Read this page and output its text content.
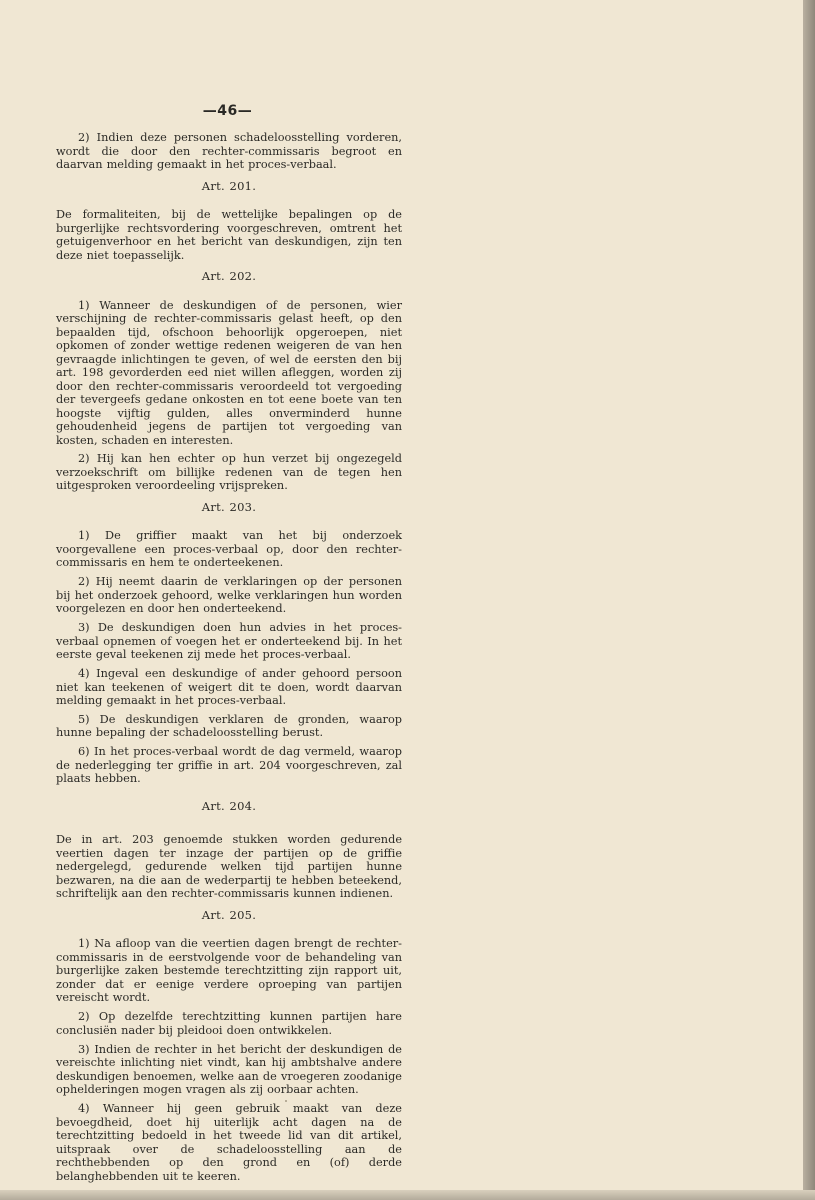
—46—

2) Indien deze personen schadeloosstelling vorderen, wordt die door den rechter-commissaris begroot en daarvan melding gemaakt in het proces-verbaal.

Art. 201.

De formaliteiten, bij de wettelijke bepalingen op de burgerlijke rechtsvordering voorgeschreven, omtrent het getuigenverhoor en het bericht van deskundigen, zijn ten deze niet toepasselijk.

Art. 202.

1) Wanneer de deskundigen of de personen, wier verschijning de rechter-commissaris gelast heeft, op den bepaalden tijd, ofschoon behoorlijk opgeroepen, niet opkomen of zonder wettige redenen weigeren de van hen gevraagde inlichtingen te geven, of wel de eersten den bij art. 198 gevorderden eed niet willen afleggen, worden zij door den rechter-commissaris veroordeeld tot vergoeding der tevergeefs gedane onkosten en tot eene boete van ten hoogste vijftig gulden, alles onverminderd hunne gehoudenheid jegens de partijen tot vergoeding van kosten, schaden en interesten.

2) Hij kan hen echter op hun verzet bij ongezegeld verzoekschrift om billijke redenen van de tegen hen uitgesproken veroordeeling vrijspreken.

Art. 203.

1) De griffier maakt van het bij onderzoek voorgevallene een proces-verbaal op, door den rechter-commissaris en hem te onderteekenen.

2) Hij neemt daarin de verklaringen op der personen bij het onderzoek gehoord, welke verklaringen hun worden voorgelezen en door hen onderteekend.

3) De deskundigen doen hun advies in het proces-verbaal opnemen of voegen het er onderteekend bij. In het eerste geval teekenen zij mede het proces-verbaal.

4) Ingeval een deskundige of ander gehoord persoon niet kan teekenen of weigert dit te doen, wordt daarvan melding gemaakt in het proces-verbaal.

5) De deskundigen verklaren de gronden, waarop hunne bepaling der schadeloosstelling berust.

6) In het proces-verbaal wordt de dag vermeld, waarop de nederlegging ter griffie in art. 204 voorgeschreven, zal plaats hebben.

Art. 204.

De in art. 203 genoemde stukken worden gedurende veertien dagen ter inzage der partijen op de griffie nedergelegd, gedurende welken tijd partijen hunne bezwaren, na die aan de wederpartij te hebben beteekend, schriftelijk aan den rechter-commissaris kunnen indienen.

Art. 205.

1) Na afloop van die veertien dagen brengt de rechter-commissaris in de eerstvolgende voor de behandeling van burgerlijke zaken bestemde terechtzitting zijn rapport uit, zonder dat er eenige verdere oproeping van partijen vereischt wordt.

2) Op dezelfde terechtzitting kunnen partijen hare conclusiën nader bij pleidooi doen ontwikkelen.

3) Indien de rechter in het bericht der deskundigen de vereischte inlichting niet vindt, kan hij ambtshalve andere deskundigen benoemen, welke aan de vroegeren zoodanige ophelderingen mogen vragen als zij oorbaar achten.

4) Wanneer hij geen gebruik maakt van deze bevoegdheid, doet hij uiterlijk acht dagen na de terechtzitting bedoeld in het tweede lid van dit artikel, uitspraak over de schadeloosstelling aan de rechthebbenden op den grond en (of) derde belanghebbenden uit te keeren.
